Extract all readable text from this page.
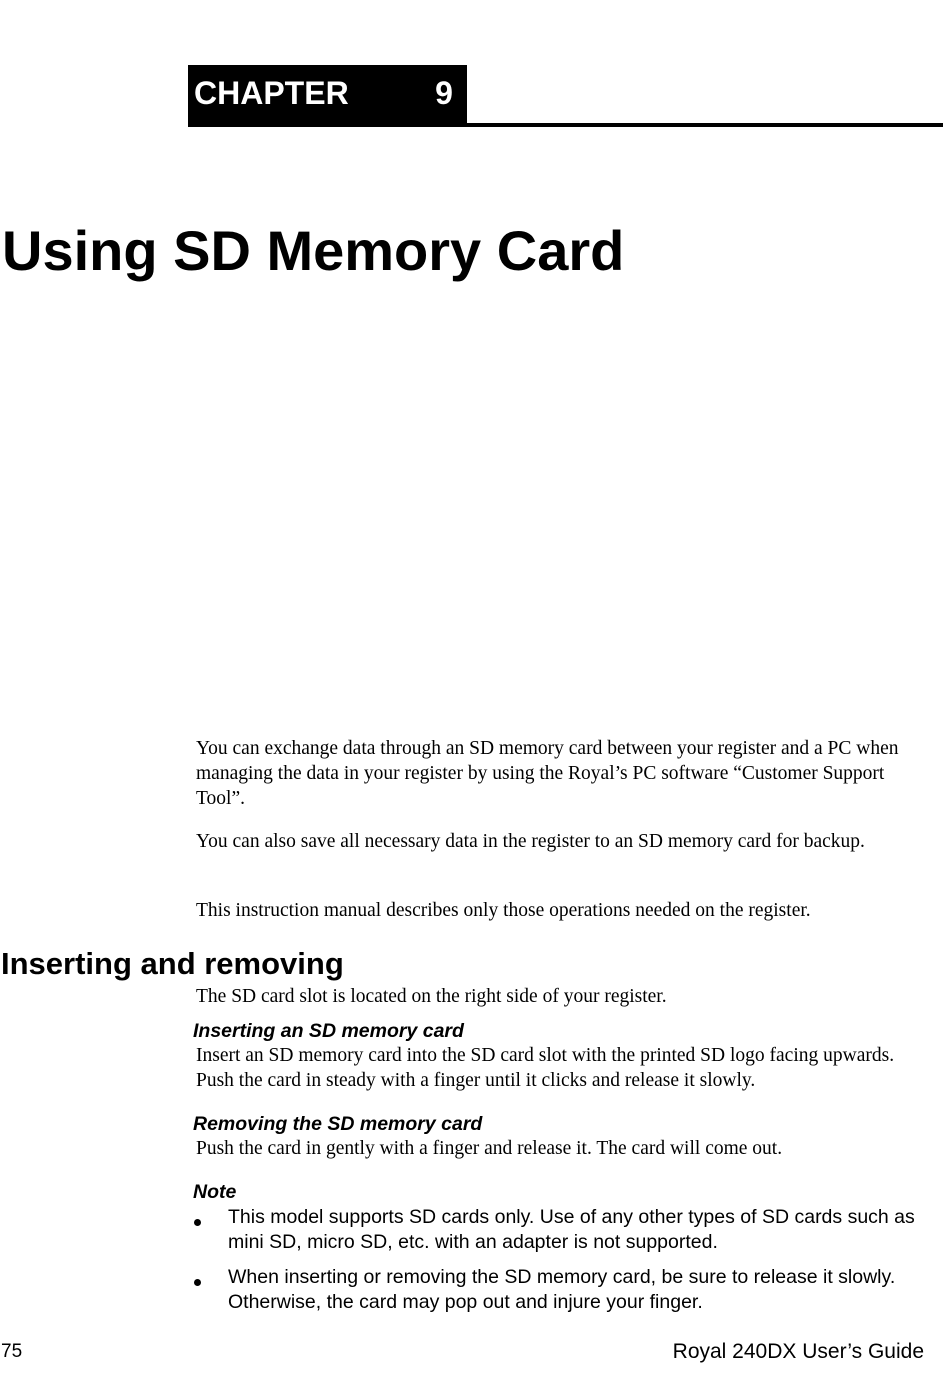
CHAPTER	9
Using SD Memory Card

You can exchange data through an SD memory card between your register and a PC when managing the data in your register by using the Royal’s PC software “Customer Support Tool”.

You can also save all necessary data in the register to an SD memory card for backup.

This instruction manual describes only those operations needed on the register.

Inserting and removing

The SD card slot is located on the right side of your register.

Inserting an SD memory card

Insert an SD memory card into the SD card slot with the printed SD logo facing upwards. Push the card in steady with a finger until it clicks and release it slowly.

Removing the SD memory card

Push the card in gently with a finger and release it. The card will come out.

Note

This model supports SD cards only. Use of any other types of SD cards such as mini SD, micro SD, etc. with an adapter is not supported.

When inserting or removing the SD memory card, be sure to release it slowly. Otherwise, the card may pop out and injure your finger.

75	Royal 240DX User’s Guide
